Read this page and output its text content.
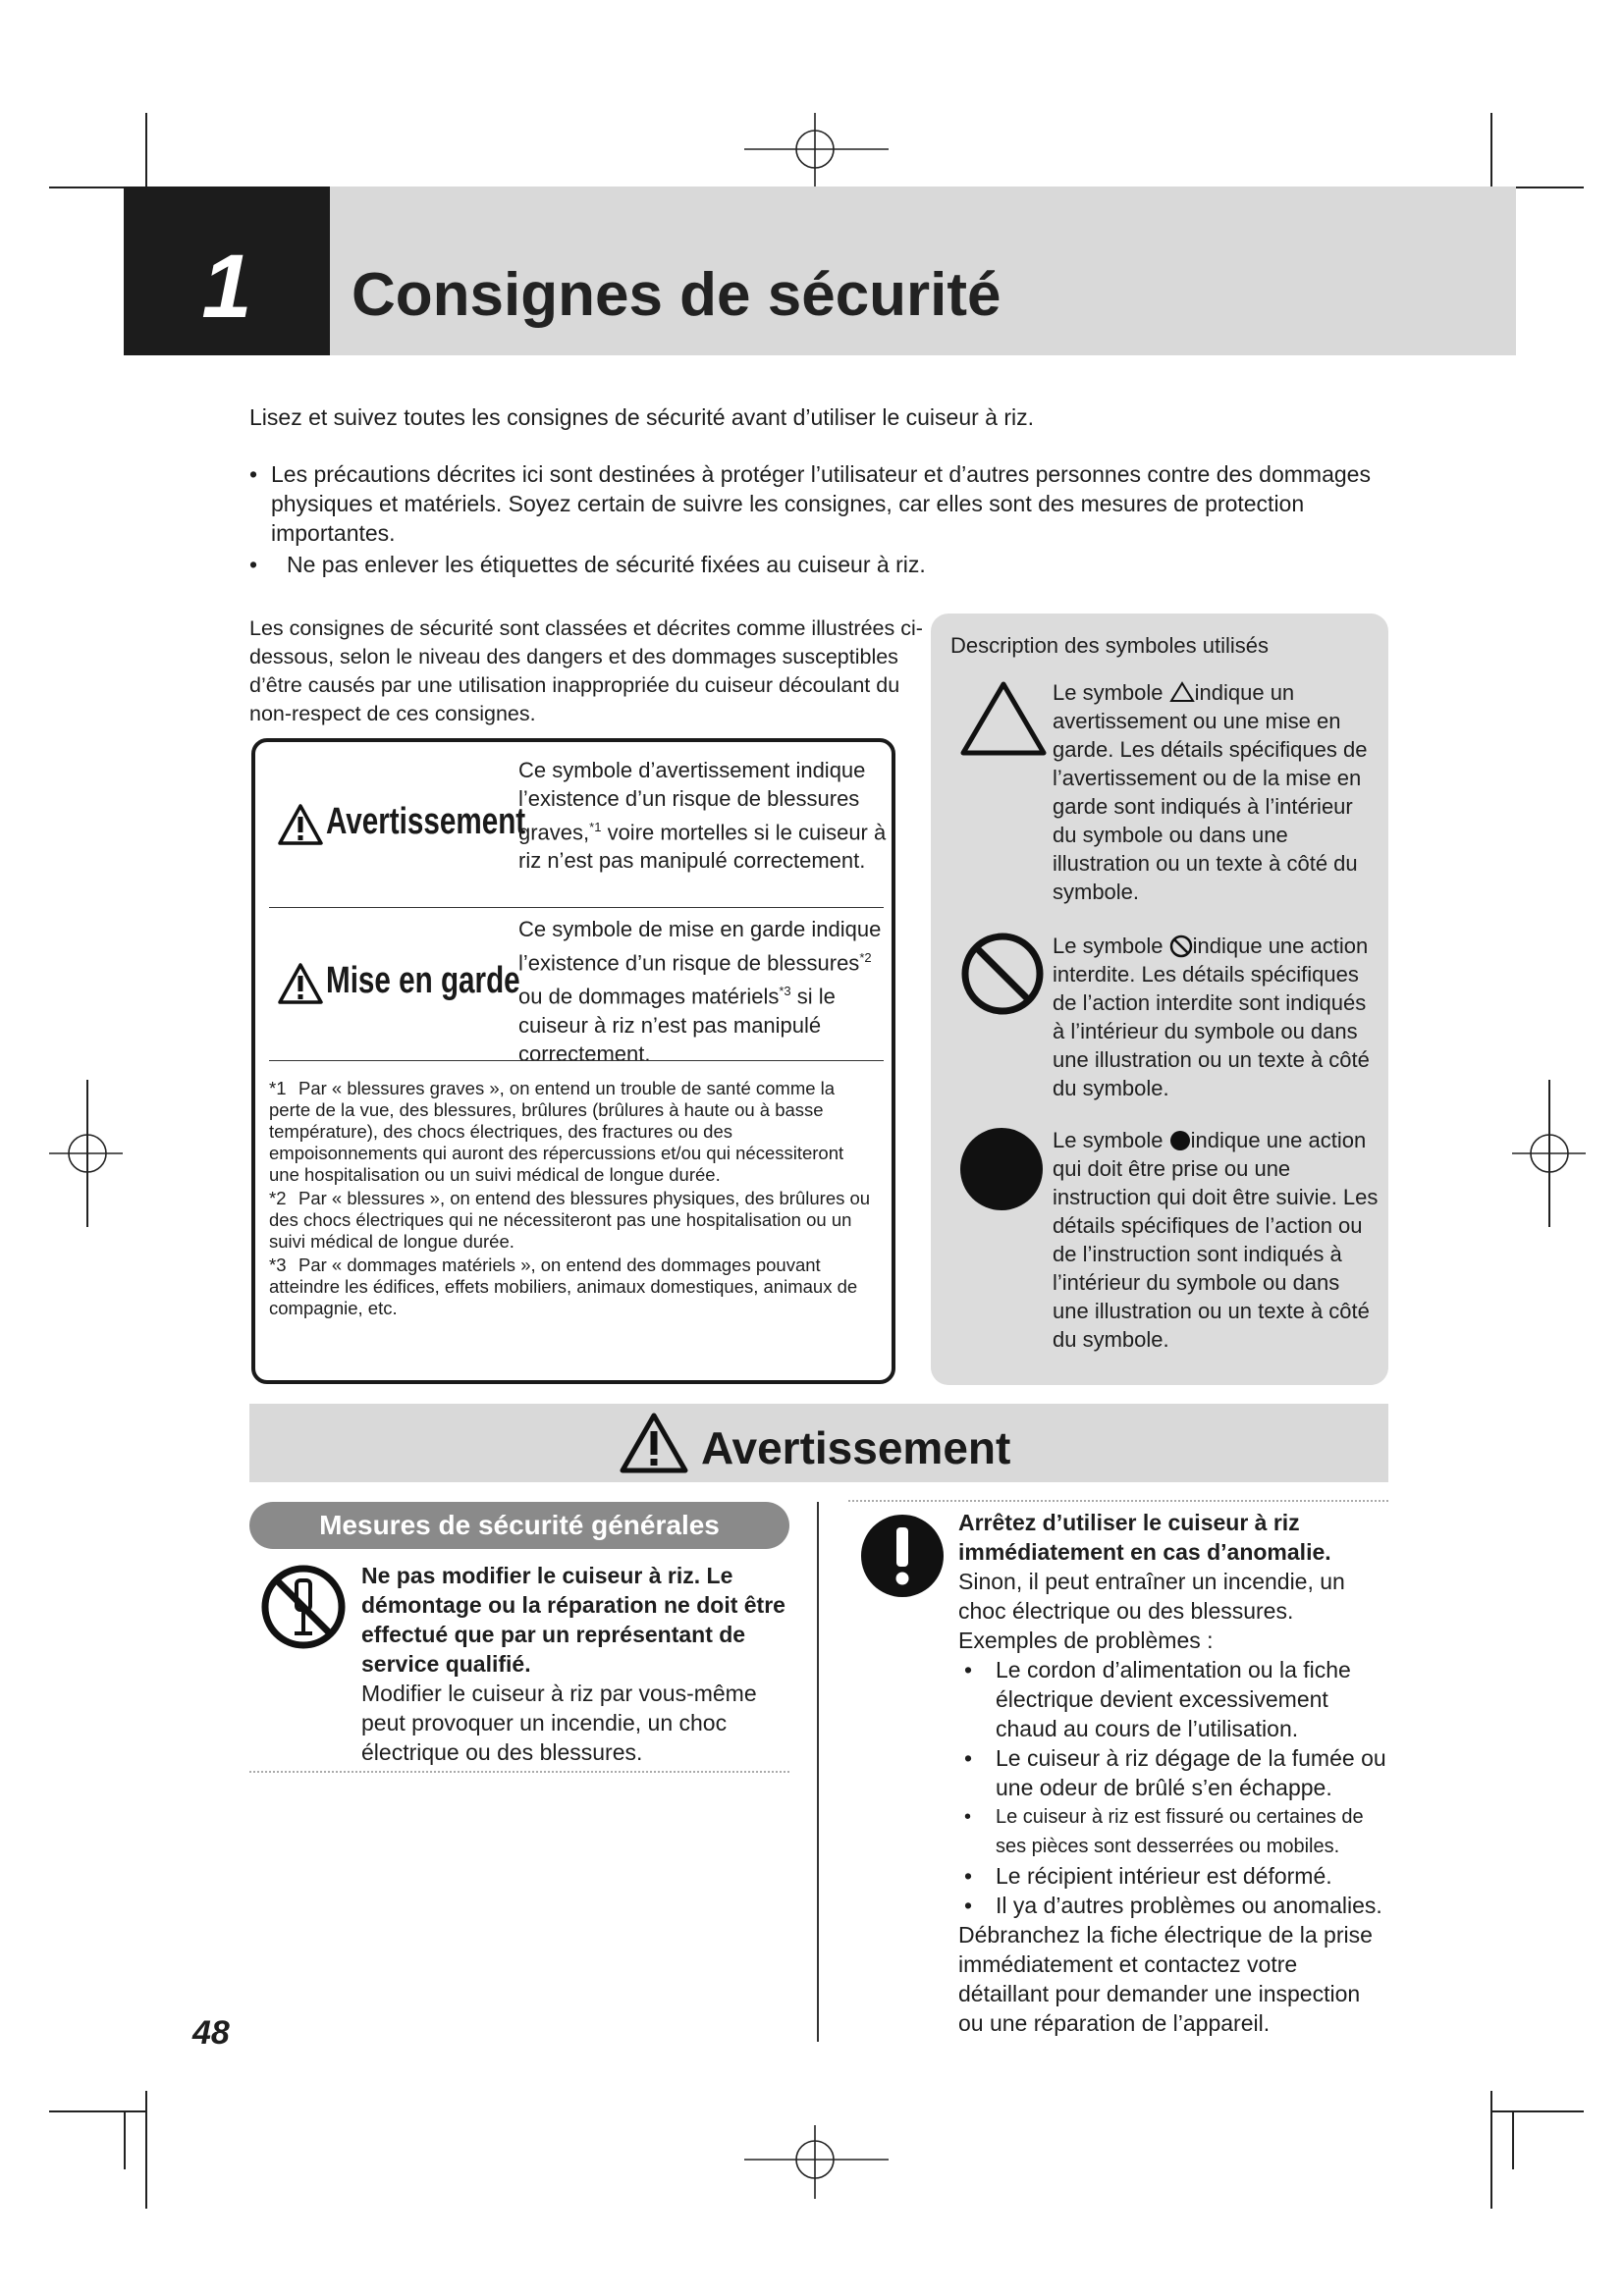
1	Consignes de sécurité
Lisez et suivez toutes les consignes de sécurité avant d’utiliser le cuiseur à riz.
• Les précautions décrites ici sont destinées à protéger l’utilisateur et d’autres personnes contre des dommages physiques et matériels. Soyez certain de suivre les consignes, car elles sont des mesures de protection importantes.
• Ne pas enlever les étiquettes de sécurité fixées au cuiseur à riz.
Les consignes de sécurité sont classées et décrites comme illustrées ci-dessous, selon le niveau des dangers et des dommages susceptibles d’être causés par une utilisation inappropriée du cuiseur découlant du non-respect de ces consignes.
Avertissement
Ce symbole d’avertissement indique l’existence d’un risque de blessures graves,$^{*1}$ voire mortelles si le cuiseur à riz n’est pas manipulé correctement.
Mise en garde
Ce symbole de mise en garde indique l’existence d’un risque de blessures$^{*2}$ ou de dommages matériels$^{*3}$ si le cuiseur à riz n’est pas manipulé correctement.
*1 Par « blessures graves », on entend un trouble de santé comme la perte de la vue, des blessures, brûlures (brûlures à haute ou à basse température), des chocs électriques, des fractures ou des empoisonnements qui auront des répercussions et/ou qui nécessiteront une hospitalisation ou un suivi médical de longue durée.
*2 Par « blessures », on entend des blessures physiques, des brûlures ou des chocs électriques qui ne nécessiteront pas une hospitalisation ou un suivi médical de longue durée.
*3 Par « dommages matériels », on entend des dommages pouvant atteindre les édifices, effets mobiliers, animaux domestiques, animaux de compagnie, etc.
Description des symboles utilisés
Le symbole indique un avertissement ou une mise en garde. Les détails spécifiques de l’avertissement ou de la mise en garde sont indiqués à l’intérieur du symbole ou dans une illustration ou un texte à côté du symbole.
Le symbole indique une action interdite. Les détails spécifiques de l’action interdite sont indiqués à l’intérieur du symbole ou dans une illustration ou un texte à côté du symbole.
Le symbole indique une action qui doit être prise ou une instruction qui doit être suivie. Les détails spécifiques de l’action ou de l’instruction sont indiqués à l’intérieur du symbole ou dans une illustration ou un texte à côté du symbole.
Avertissement
Mesures de sécurité générales
Ne pas modifier le cuiseur à riz. Le démontage ou la réparation ne doit être effectué que par un représentant de service qualifié.
Modifier le cuiseur à riz par vous-même peut provoquer un incendie, un choc électrique ou des blessures.
Arrêtez d’utiliser le cuiseur à riz immédiatement en cas d’anomalie.
Sinon, il peut entraîner un incendie, un choc électrique ou des blessures.
Exemples de problèmes :
• Le cordon d’alimentation ou la fiche électrique devient excessivement chaud au cours de l’utilisation.
• Le cuiseur à riz dégage de la fumée ou une odeur de brûlé s’en échappe.
• Le cuiseur à riz est fissuré ou certaines de ses pièces sont desserrées ou mobiles.
• Le récipient intérieur est déformé.
• Il ya d’autres problèmes ou anomalies.
Débranchez la fiche électrique de la prise immédiatement et contactez votre détaillant pour demander une inspection ou une réparation de l’appareil.
48
